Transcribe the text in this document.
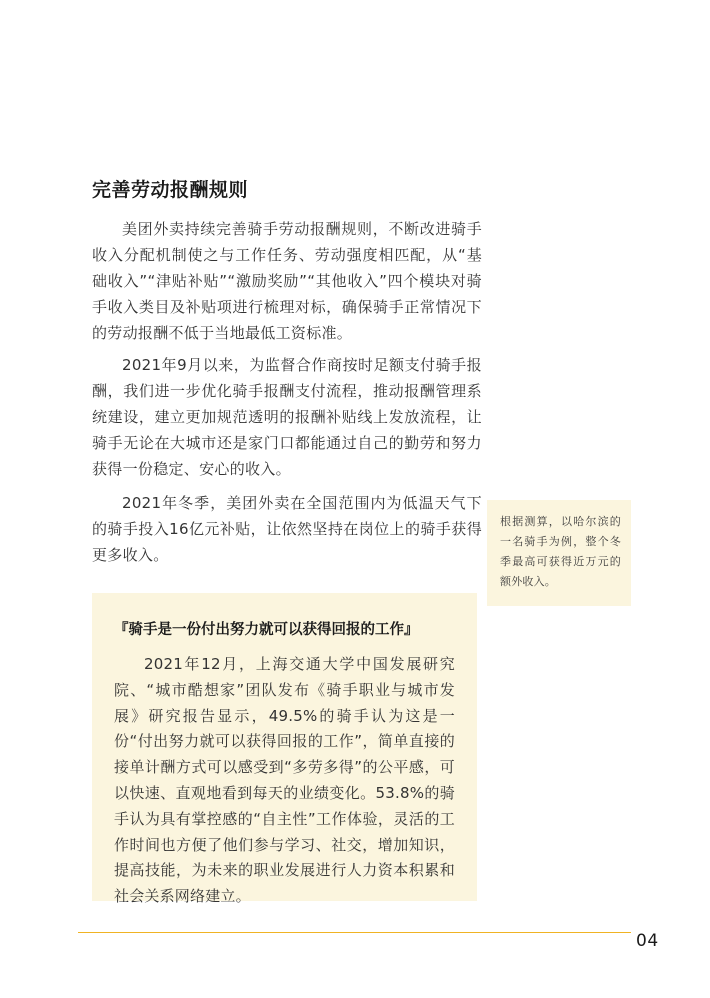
完善劳动报酬规则

美团外卖持续完善骑手劳动报酬规则，不断改进骑手收入分配机制使之与工作任务、劳动强度相匹配，从“基础收入”“津贴补贴”“激励奖励”“其他收入”四个模块对骑手收入类目及补贴项进行梳理对标，确保骑手正常情况下的劳动报酬不低于当地最低工资标准。

2021年9月以来，为监督合作商按时足额支付骑手报酬，我们进一步优化骑手报酬支付流程，推动报酬管理系统建设，建立更加规范透明的报酬补贴线上发放流程，让骑手无论在大城市还是家门口都能通过自己的勤劳和努力获得一份稳定、安心的收入。

2021年冬季，美团外卖在全国范围内为低温天气下的骑手投入16亿元补贴，让依然坚持在岗位上的骑手获得更多收入。

根据测算，以哈尔滨的一名骑手为例，整个冬季最高可获得近万元的额外收入。

『骑手是一份付出努力就可以获得回报的工作』

2021年12月，上海交通大学中国发展研究院、“城市酷想家”团队发布《骑手职业与城市发展》研究报告显示，49.5%的骑手认为这是一份“付出努力就可以获得回报的工作”，简单直接的接单计酬方式可以感受到“多劳多得”的公平感，可以快速、直观地看到每天的业绩变化。53.8%的骑手认为具有掌控感的“自主性”工作体验，灵活的工作时间也方便了他们参与学习、社交，增加知识，提高技能，为未来的职业发展进行人力资本积累和社会关系网络建立。

04
